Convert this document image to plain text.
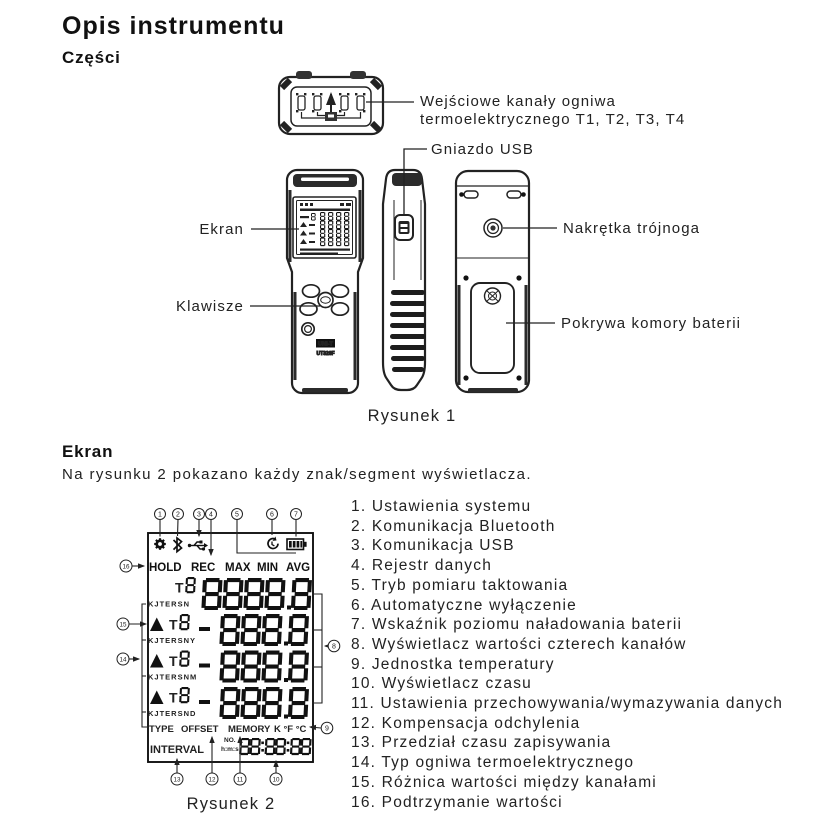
Opis instrumentu
Części
UNI-T
UT320F
Wejściowe kanały ogniwa
termoelektrycznego T1, T2, T3, T4
Gniazdo USB
Ekran
Klawisze
Nakrętka trójnoga
Pokrywa komory baterii
Rysunek 1
Ekran
Na rysunku 2 pokazano każdy znak/segment wyświetlacza.
HOLD REC MAX MIN AVG
T
KJTERSN
T
KJTERSN Y
T
KJTERSN M
T
KJTERSN D
TYPE OFFSET MEMORY K °F °C
INTERVAL
NO.
h:m:s
1 2 3 4	5	6	7
8
9
10
11
12
13
14
15
16
Rysunek 2
1. Ustawienia systemu
2. Komunikacja Bluetooth
3. Komunikacja USB
4. Rejestr danych
5. Tryb pomiaru taktowania
6. Automatyczne wyłączenie
7. Wskaźnik poziomu naładowania baterii
8. Wyświetlacz wartości czterech kanałów
9. Jednostka temperatury
10. Wyświetlacz czasu
11. Ustawienia przechowywania/wymazywania danych
12. Kompensacja odchylenia
13. Przedział czasu zapisywania
14. Typ ogniwa termoelektrycznego
15. Różnica wartości między kanałami
16. Podtrzymanie wartości
